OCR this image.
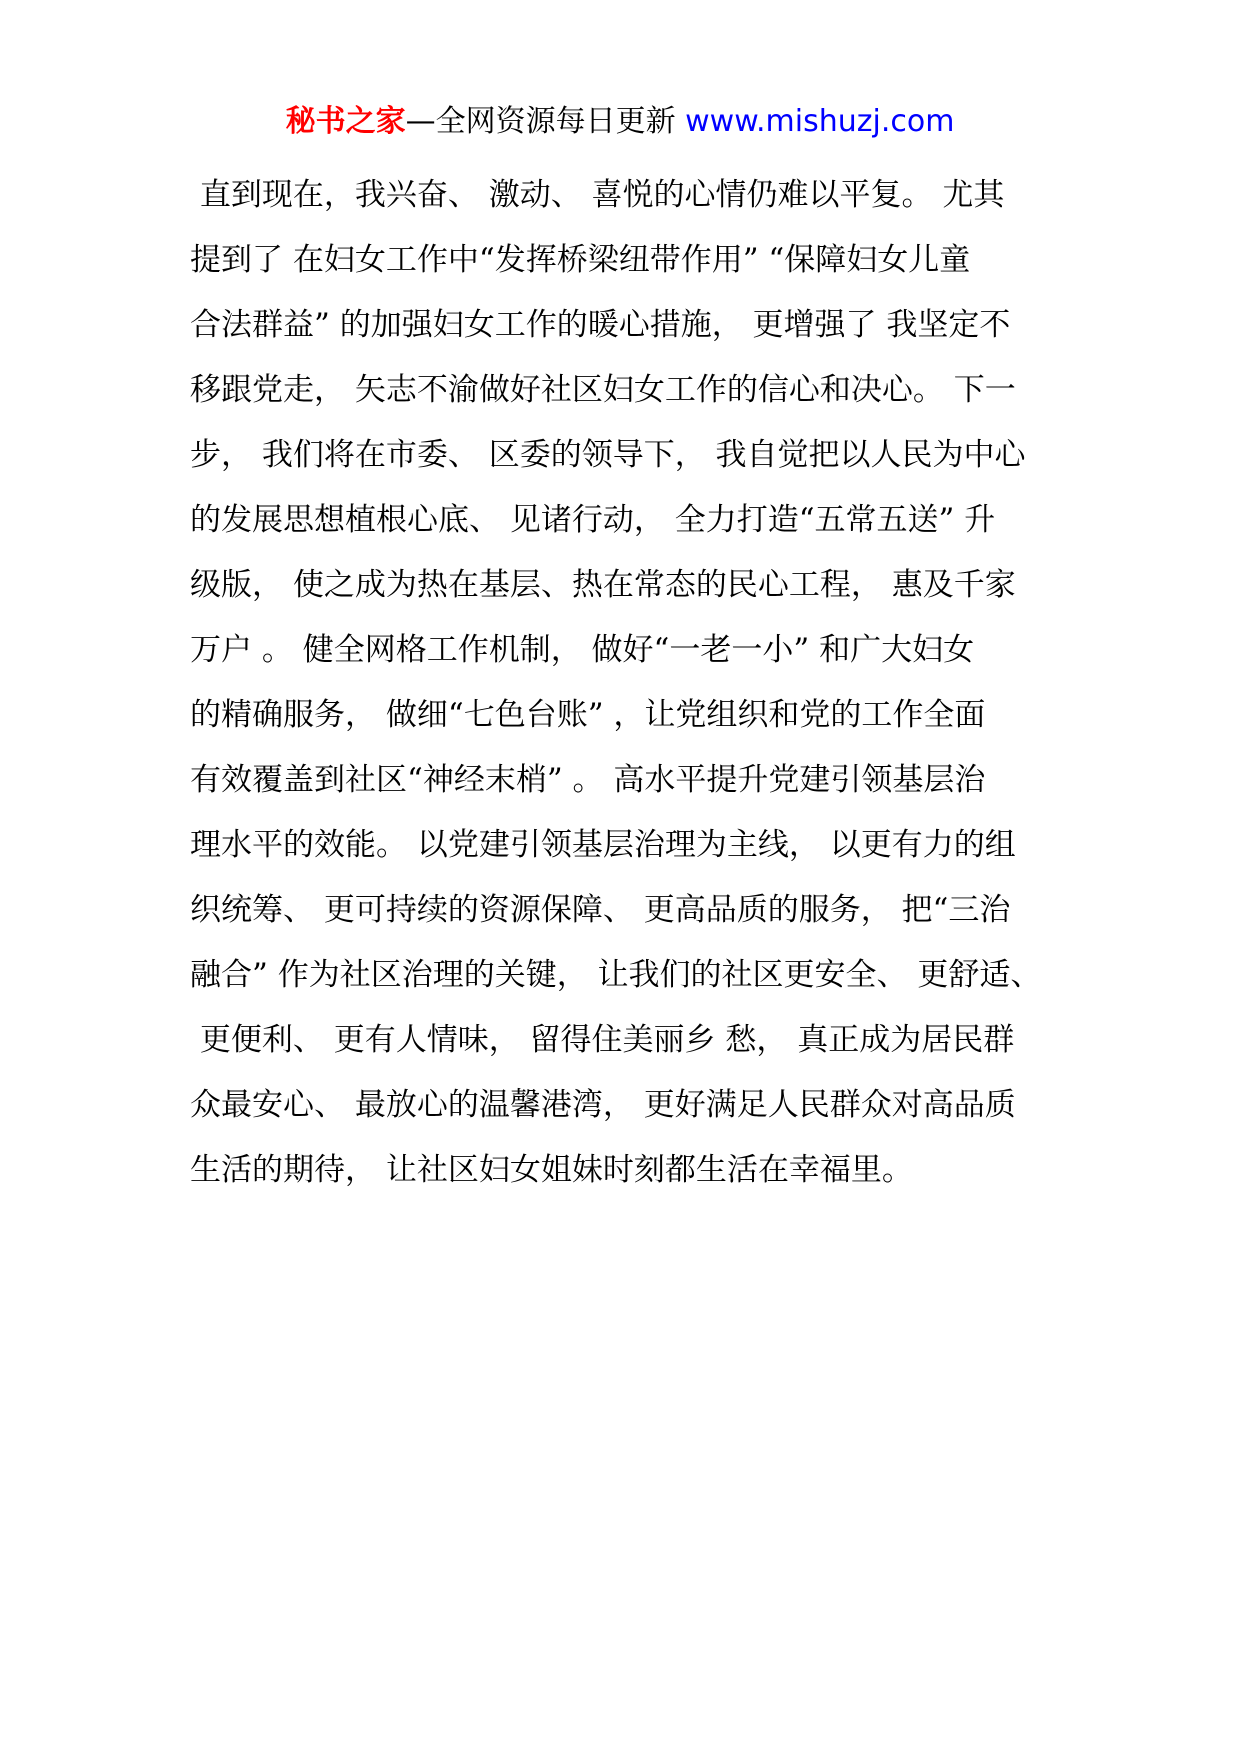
秘书之家—全网资源每日更新 www.mishuzj.com
直到现在，我兴奋、 激动、 喜悦的心情仍难以平复。 尤其
提到了 在妇女工作中“发挥桥梁纽带作用” “保障妇女儿童
合法群益” 的加强妇女工作的暖心措施， 更增强了 我坚定不
移跟党走， 矢志不渝做好社区妇女工作的信心和决心。 下一
步， 我们将在市委、 区委的领导下， 我自觉把以人民为中心
的发展思想植根心底、 见诸行动， 全力打造“五常五送” 升
级版， 使之成为热在基层、热在常态的民心工程， 惠及千家
万户 。 健全网格工作机制， 做好“一老一小” 和广大妇女
的精确服务， 做细“七色台账” ，让党组织和党的工作全面
有效覆盖到社区“神经末梢” 。 高水平提升党建引领基层治
理水平的效能。 以党建引领基层治理为主线， 以更有力的组
织统筹、 更可持续的资源保障、 更高品质的服务， 把“三治
融合” 作为社区治理的关键， 让我们的社区更安全、 更舒适、
更便利、 更有人情味， 留得住美丽乡 愁， 真正成为居民群
众最安心、 最放心的温馨港湾， 更好满足人民群众对高品质
生活的期待， 让社区妇女姐妹时刻都生活在幸福里。
